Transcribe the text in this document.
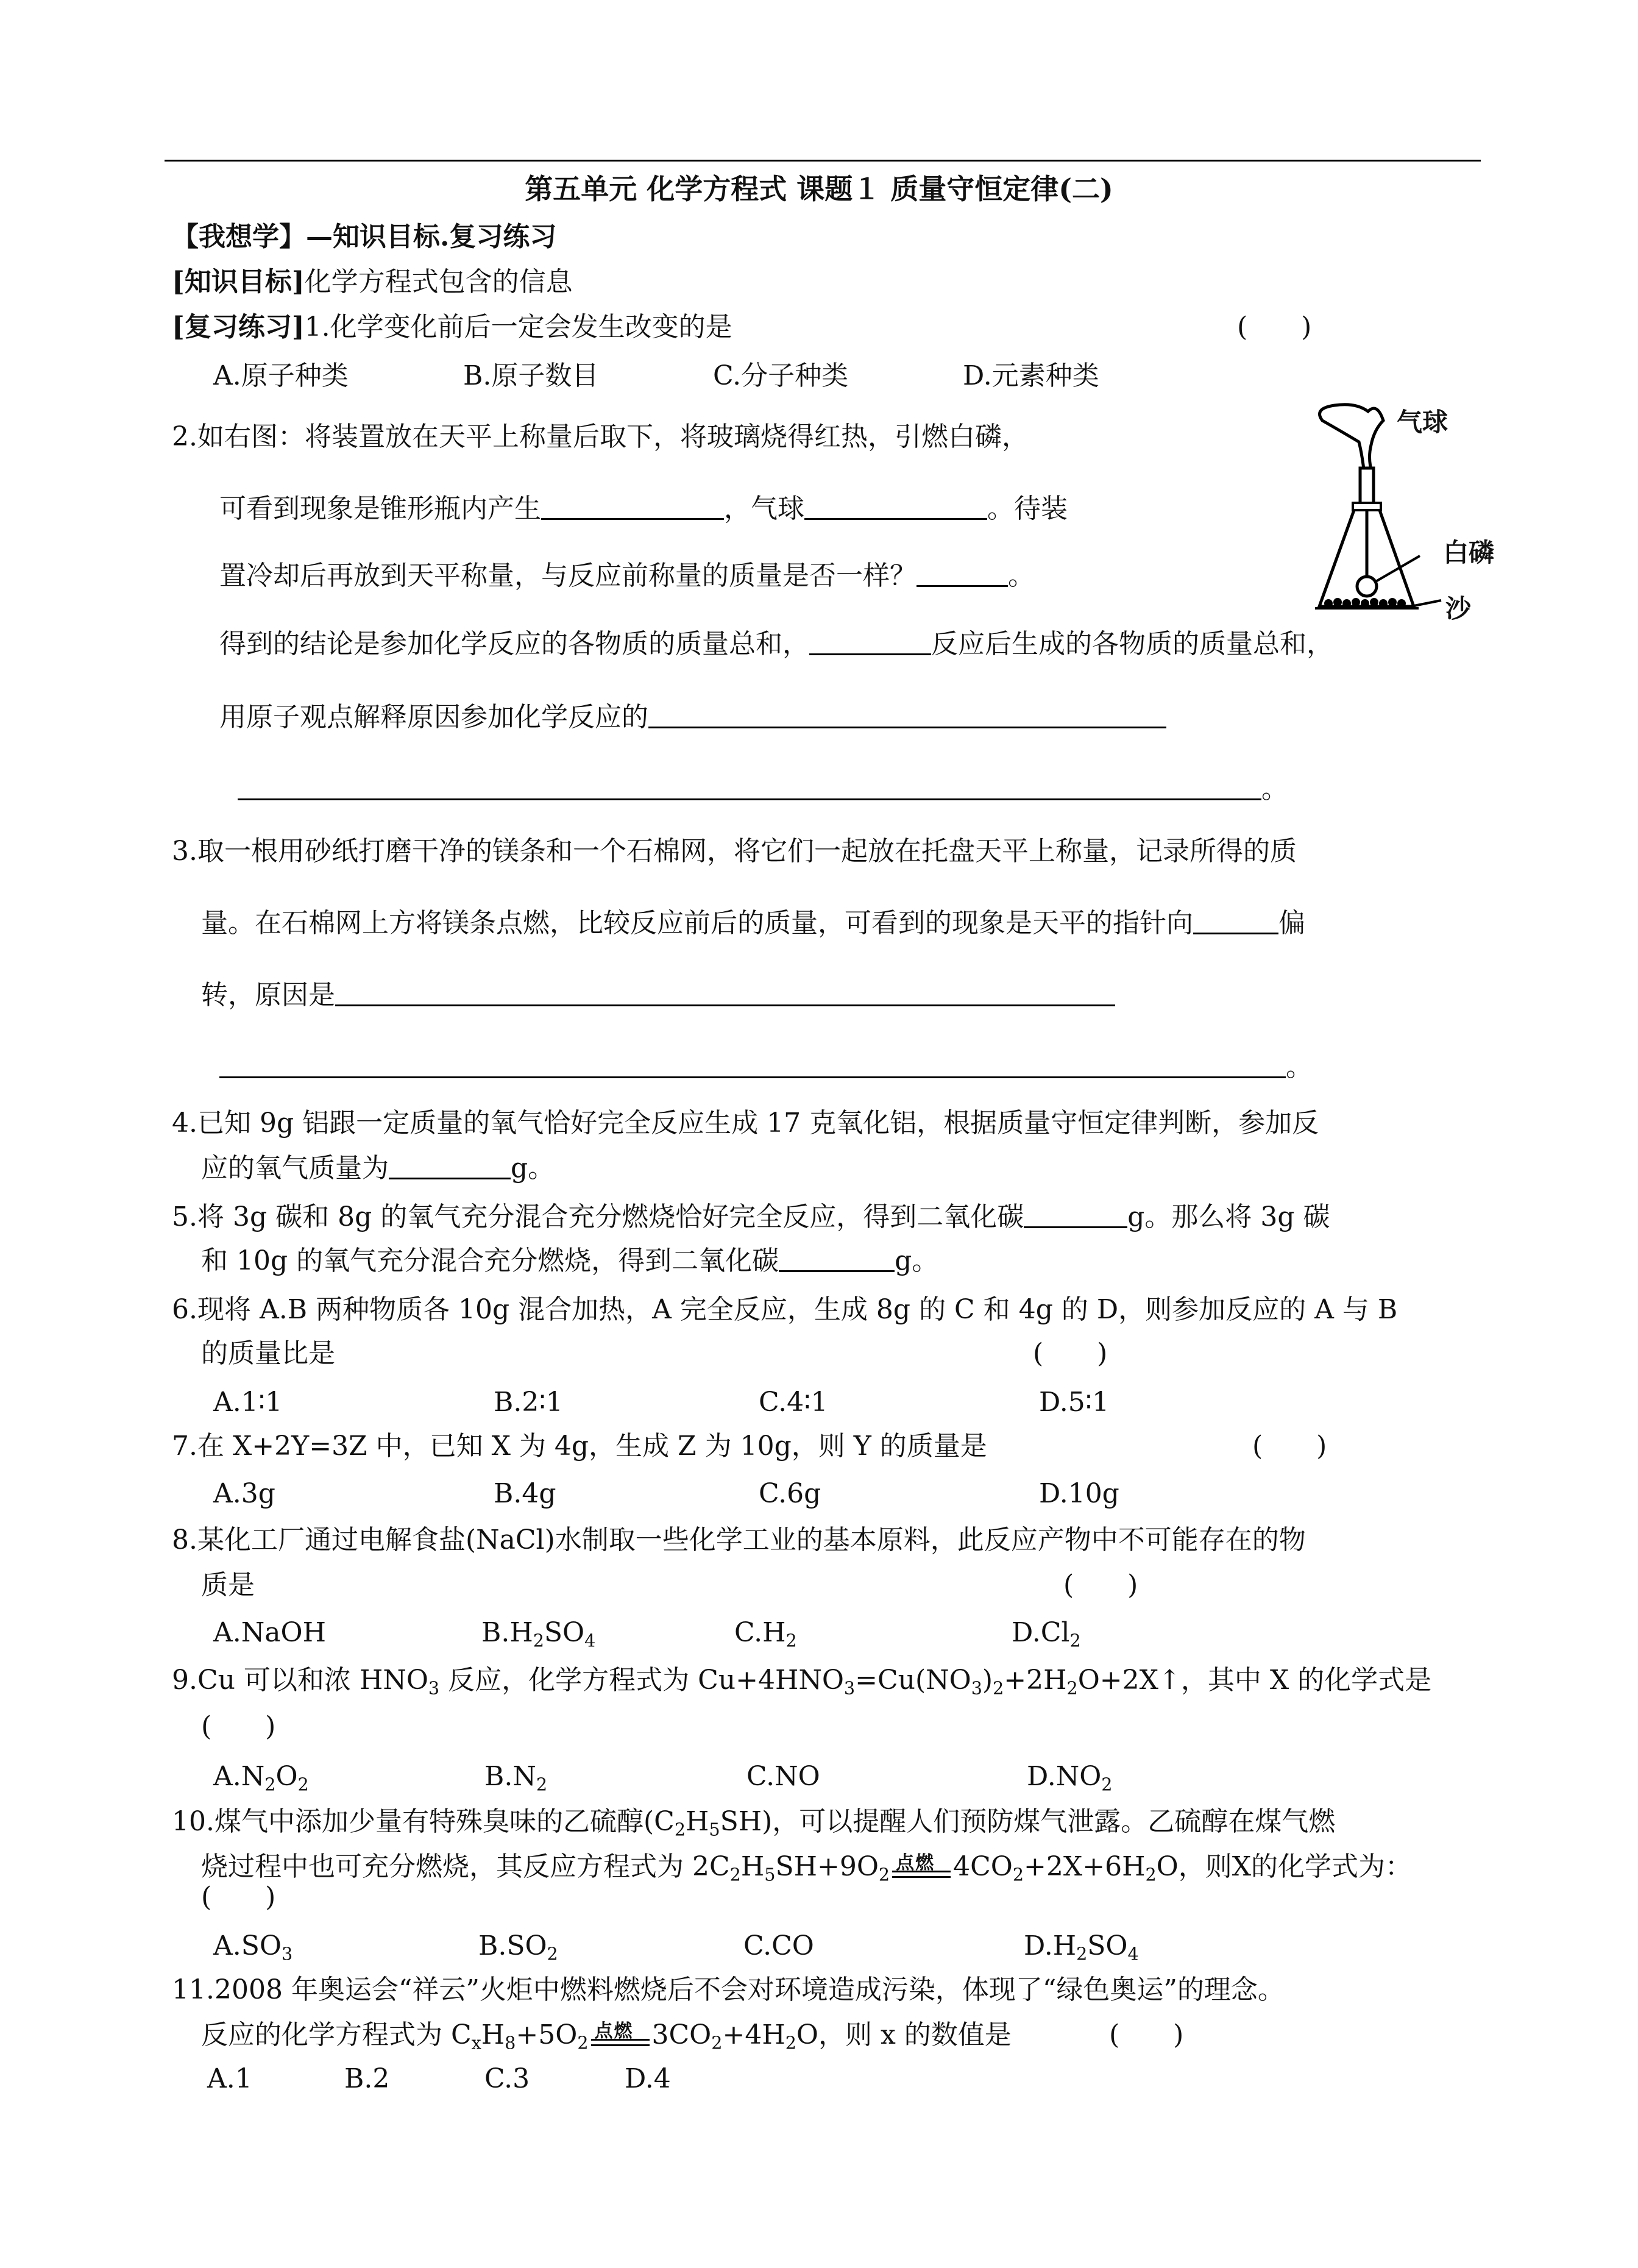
第五单元 化学方程式 课题１ 质量守恒定律(二)
【我想学】—知识目标.复习练习
[知识目标]化学方程式包含的信息
[复习练习]1.化学变化前后一定会发生改变的是	(　　)
A.原子种类	B.原子数目	C.分子种类	D.元素种类
2.如右图：将装置放在天平上称量后取下，将玻璃烧得红热，引燃白磷，
可看到现象是锥形瓶内产生	，气球	。待装
置冷却后再放到天平称量，与反应前称量的质量是否一样？	。
得到的结论是参加化学反应的各物质的质量总和，	反应后生成的各物质的质量总和，
用原子观点解释原因参加化学反应的
。
气球
白磷
沙
3.取一根用砂纸打磨干净的镁条和一个石棉网，将它们一起放在托盘天平上称量，记录所得的质
量。在石棉网上方将镁条点燃，比较反应前后的质量，可看到的现象是天平的指针向	偏
转，原因是
。
4.已知 9g 铝跟一定质量的氧气恰好完全反应生成 17 克氧化铝，根据质量守恒定律判断，参加反
应的氧气质量为	g。
5.将 3g 碳和 8g 的氧气充分混合充分燃烧恰好完全反应，得到二氧化碳	g。那么将 3g 碳
和 10g 的氧气充分混合充分燃烧，得到二氧化碳	g。
6.现将 A.B 两种物质各 10g 混合加热，A 完全反应，生成 8g 的 C 和 4g 的 D，则参加反应的 A 与 B
的质量比是	(　　)
A.1∶1	B.2∶1	C.4∶1	D.5∶1
7.在 X+2Y=3Z 中，已知 X 为 4g，生成 Z 为 10g，则 Y 的质量是	(　　)
A.3g	B.4g	C.6g	D.10g
8.某化工厂通过电解食盐(NaCl)水制取一些化学工业的基本原料，此反应产物中不可能存在的物
质是	(　　)
A.NaOH	$B.H_2SO_4$	$C.H_2$	$D.Cl_2$
9.Cu 可以和浓 $HNO_3$ 反应，化学方程式为 $Cu+4HNO_3=Cu(NO_3)_2+2H_2O+2X↑$，其中 X 的化学式是
(　　)
$A.N_2O_2$	$B.N_2$	C.NO	$D.NO_2$
10.煤气中添加少量有特殊臭味的乙硫醇$(C_2H_5SH)$，可以提醒人们预防煤气泄露。乙硫醇在煤气燃
烧过程中也可充分燃烧，其反应方程式为 $2C_2H_5SH+9O_2$
点燃 $4CO_2+2X+6H_2O$，则X的化学式为：
(　　)
$A.SO_3$	$B.SO_2$	C.CO	$D.H_2SO_4$
11.2008 年奥运会“祥云”火炬中燃料燃烧后不会对环境造成污染，体现了“绿色奥运”的理念。
反应的化学方程式为 $C_xH_8+5O_2$
点燃 $3CO_2+4H_2O$，则 x 的数值是	(　　)
A.1	B.2	C.3	D.4
